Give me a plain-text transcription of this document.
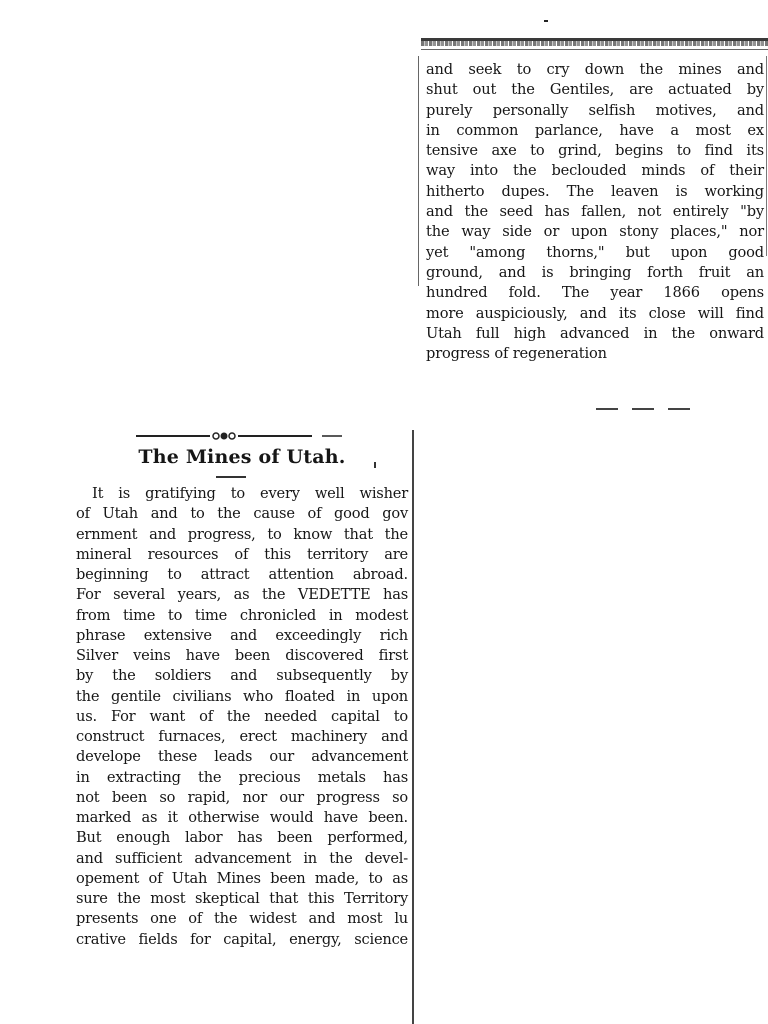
and seek to cry down the mines and
shut out the Gentiles, are actuated by
purely personally selfish motives, and
in common parlance, have a most ex
tensive axe to grind, begins to find its
way into the beclouded minds of their
hitherto dupes. The leaven is working
and the seed has fallen, not entirely "by
the way side or upon stony places," nor
yet "among thorns," but upon good
ground, and is bringing forth fruit an
hundred fold. The year 1866 opens
more auspiciously, and its close will find
Utah full high advanced in the onward
progress of regeneration
The Mines of Utah.
It is gratifying to every well wisher
of Utah and to the cause of good gov
ernment and progress, to know that the
mineral resources of this territory are
beginning to attract attention abroad.
For several years, as the VEDETTE has
from time to time chronicled in modest
phrase extensive and exceedingly rich
Silver veins have been discovered first
by the soldiers and subsequently by
the gentile civilians who floated in upon
us. For want of the needed capital to
construct furnaces, erect machinery and
develope these leads our advancement
in extracting the precious metals has
not been so rapid, nor our progress so
marked as it otherwise would have been.
But enough labor has been performed,
and sufficient advancement in the devel-
opement of Utah Mines been made, to as
sure the most skeptical that this Territory
presents one of the widest and most lu
crative fields for capital, energy, science
